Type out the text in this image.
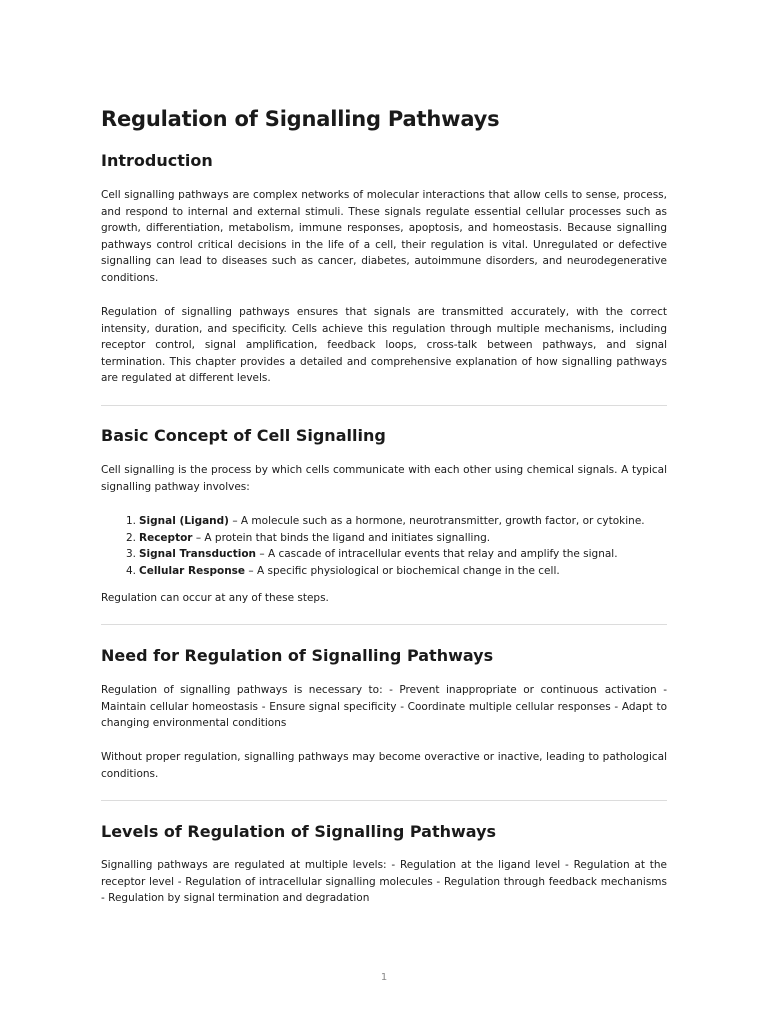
Regulation of Signalling Pathways
Introduction

Cell signalling pathways are complex networks of molecular interactions that allow cells to sense, process, and respond to internal and external stimuli. These signals regulate essential cellular processes such as growth, differentiation, metabolism, immune responses, apoptosis, and homeostasis. Because signalling pathways control critical decisions in the life of a cell, their regulation is vital. Unregulated or defective signalling can lead to diseases such as cancer, diabetes, autoimmune disorders, and neurodegenerative conditions.

Regulation of signalling pathways ensures that signals are transmitted accurately, with the correct intensity, duration, and specificity. Cells achieve this regulation through multiple mechanisms, including receptor control, signal amplification, feedback loops, cross-talk between pathways, and signal termination. This chapter provides a detailed and comprehensive explanation of how signalling pathways are regulated at different levels.

Basic Concept of Cell Signalling

Cell signalling is the process by which cells communicate with each other using chemical signals. A typical signalling pathway involves:

1. Signal (Ligand) – A molecule such as a hormone, neurotransmitter, growth factor, or cytokine.
2. Receptor – A protein that binds the ligand and initiates signalling.
3. Signal Transduction – A cascade of intracellular events that relay and amplify the signal.
4. Cellular Response – A specific physiological or biochemical change in the cell.

Regulation can occur at any of these steps.

Need for Regulation of Signalling Pathways

Regulation of signalling pathways is necessary to: - Prevent inappropriate or continuous activation - Maintain cellular homeostasis - Ensure signal specificity - Coordinate multiple cellular responses - Adapt to changing environmental conditions

Without proper regulation, signalling pathways may become overactive or inactive, leading to pathological conditions.

Levels of Regulation of Signalling Pathways

Signalling pathways are regulated at multiple levels: - Regulation at the ligand level - Regulation at the receptor level - Regulation of intracellular signalling molecules - Regulation through feedback mechanisms - Regulation by signal termination and degradation

1
